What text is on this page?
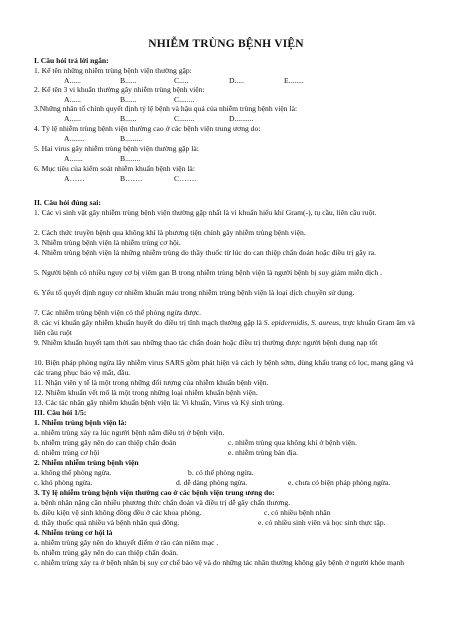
NHIỄM TRÙNG BỆNH VIỆN
I. Câu hỏi trả lời ngắn:
1. Kể tên những nhiễm trùng bệnh viện thường gặp:
A......	B......	C.....	D.....	E........
2. Kể tên 3 vi khuẩn thường gây nhiễm trùng bệnh viện:
A......	B......	C........
3.Những nhân tố chính quyết định tỷ lệ bệnh và hậu quả của nhiễm trùng bệnh viện là:
A......	B......	C........	D..........
4. Tỷ lệ nhiễm trùng bệnh viện thường cao ở các bệnh viện trung ương do:
A........	B.........
5. Hai virus gây nhiễm trùng bệnh viện thường gặp là:
A.......	B........
6. Mục tiêu của kiểm soát nhiễm khuẩn bệnh viện là:
A……	B…….	C…….
II. Câu hỏi đúng sai:
1. Các vi sinh vật gây nhiễm trùng bệnh viện thường gặp nhất là vi khuẩn hiếu khí Gram(-), tụ cầu, liên cầu ruột.
2. Cách thức truyền bệnh qua không khí là phương tiện chính gây nhiễm trùng bệnh viện.
3. Nhiễm trùng bệnh viện là nhiễm trùng cơ hội.
4. Nhiễm trùng bệnh viện là những nhiễm trùng do thầy thuốc từ lúc do can thiệp chẩn đoán hoặc điều trị gây ra.
5. Người bệnh có nhiều nguy cơ bị viêm gan B trong nhiễm trùng bệnh viện là người bệnh bị suy giảm miễn dịch .
6. Yếu tố quyết định nguy cơ nhiễm khuẩn máu trong nhiễm trùng bệnh viện là loại dịch chuyền sử dụng.
7. Các nhiễm trùng bệnh viện có thể phòng ngừa được.
8. các vi khuẩn gây nhiễm khuẩn huyết do điều trị tĩnh mạch thường gặp là S. epidermidis, S. aureus, trực khuẩn Gram âm và liên cầu ruột
9. Nhiễm khuẩn huyết tạm thời sau những thao tác chẩn đoán hoặc điều trị thường được người bệnh dung nạp tốt
10. Biện pháp phòng ngừa lây nhiễm virus SARS gồm phát hiện và cách ly bệnh sớm, dùng khẩu trang có lọc, mang găng và các trang phục bảo vệ mắt, đầu.
11. Nhận viên y tế là một trong những đối tượng của nhiễm khuẩn bệnh viện.
12. Nhiễm khuẩn vết mổ là một trong những loại nhiễm khuẩn bệnh viện.
13. Các tác nhân gây nhiễm khuẩn bệnh viện là: Vi khuẩn, Virus và Ký sinh trùng.
III. Câu hỏi 1/5:
1. Nhiễm trùng bệnh viện là:
a. nhiễm trùng xảy ra lúc người bệnh nằm điều trị ở bệnh viện.
b. nhiễm trùng gây nên do can thiệp chẩn đoán	c. nhiễm trùng qua không khí ở bệnh viện.
d. nhiễm trùng cơ hội	e. nhiễm trùng bản địa.
2. Nhiễm nhiễm trùng bệnh viện
a. không thể phòng ngừa.	b. có thể phòng ngừa.
c. khó phòng ngừa.	d. dễ dàng phòng ngừa.	e. chưa có biện pháp phòng ngừa.
3. Tỷ lệ nhiễm trùng bệnh viện thường cao ở các bệnh viện trung ương do:
a. bệnh nhân nặng cần nhiều phương thức chẩn đoán và điều trị dễ gây chấn thương.
b. điều kiện vệ sinh không đồng đều ở các khoa phòng.	c. có nhiều bệnh nhân
d. thầy thuốc quá nhiều và bệnh nhân quá đông.	e. có nhiều sinh viên và học sinh thực tập.
4. Nhiễm trùng cơ hội là
a. nhiễm trùng gây nên do khuyết điểm ở rào cản niêm mạc .
b. nhiễm trùng gây nên do can thiệp chẩn đoán.
c. nhiễm trùng xảy ra ở bệnh nhân bị suy cơ chế bảo vệ và do những tác nhân thường không gây bệnh ở người khỏe mạnh
